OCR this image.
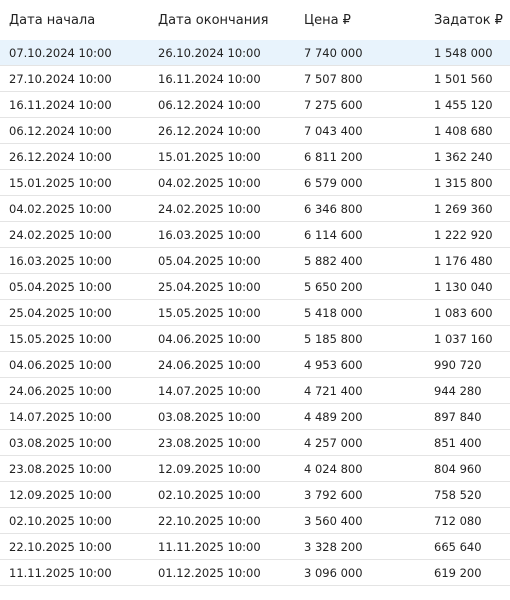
Дата начала	Дата окончания	Цена ₽	Задаток ₽
07.10.2024 10:00	26.10.2024 10:00	7 740 000	1 548 000
27.10.2024 10:00	16.11.2024 10:00	7 507 800	1 501 560
16.11.2024 10:00	06.12.2024 10:00	7 275 600	1 455 120
06.12.2024 10:00	26.12.2024 10:00	7 043 400	1 408 680
26.12.2024 10:00	15.01.2025 10:00	6 811 200	1 362 240
15.01.2025 10:00	04.02.2025 10:00	6 579 000	1 315 800
04.02.2025 10:00	24.02.2025 10:00	6 346 800	1 269 360
24.02.2025 10:00	16.03.2025 10:00	6 114 600	1 222 920
16.03.2025 10:00	05.04.2025 10:00	5 882 400	1 176 480
05.04.2025 10:00	25.04.2025 10:00	5 650 200	1 130 040
25.04.2025 10:00	15.05.2025 10:00	5 418 000	1 083 600
15.05.2025 10:00	04.06.2025 10:00	5 185 800	1 037 160
04.06.2025 10:00	24.06.2025 10:00	4 953 600	990 720
24.06.2025 10:00	14.07.2025 10:00	4 721 400	944 280
14.07.2025 10:00	03.08.2025 10:00	4 489 200	897 840
03.08.2025 10:00	23.08.2025 10:00	4 257 000	851 400
23.08.2025 10:00	12.09.2025 10:00	4 024 800	804 960
12.09.2025 10:00	02.10.2025 10:00	3 792 600	758 520
02.10.2025 10:00	22.10.2025 10:00	3 560 400	712 080
22.10.2025 10:00	11.11.2025 10:00	3 328 200	665 640
11.11.2025 10:00	01.12.2025 10:00	3 096 000	619 200
